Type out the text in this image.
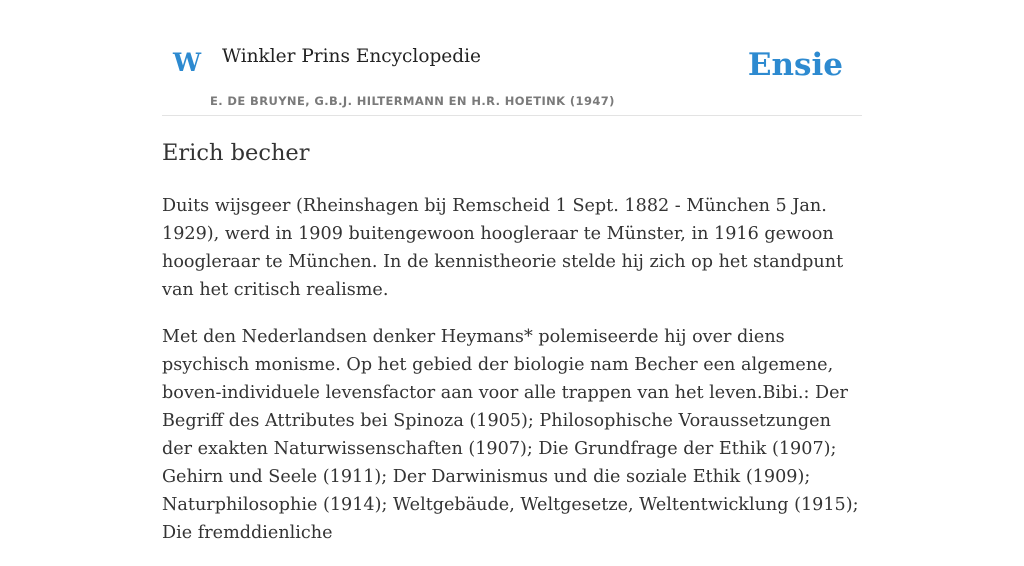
W Winkler Prins Encyclopedie
E. DE BRUYNE, G.B.J. HILTERMANN EN H.R. HOETINK (1947)
Ensie
Erich becher

Duits wijsgeer (Rheinshagen bij Remscheid 1 Sept. 1882 - München 5 Jan. 1929), werd in 1909 buitengewoon hoogleraar te Münster, in 1916 gewoon hoogleraar te München. In de kennistheorie stelde hij zich op het standpunt van het critisch realisme.

Met den Nederlandsen denker Heymans* polemiseerde hij over diens psychisch monisme. Op het gebied der biologie nam Becher een algemene, boven-individuele levensfactor aan voor alle trappen van het leven.Bibi.: Der Begriff des Attributes bei Spinoza (1905); Philosophische Voraussetzungen der exakten Naturwissenschaften (1907); Die Grundfrage der Ethik (1907); Gehirn und Seele (1911); Der Darwinismus und die soziale Ethik (1909); Naturphilosophie (1914); Weltgebäude, Weltgesetze, Weltentwicklung (1915); Die fremddienliche
